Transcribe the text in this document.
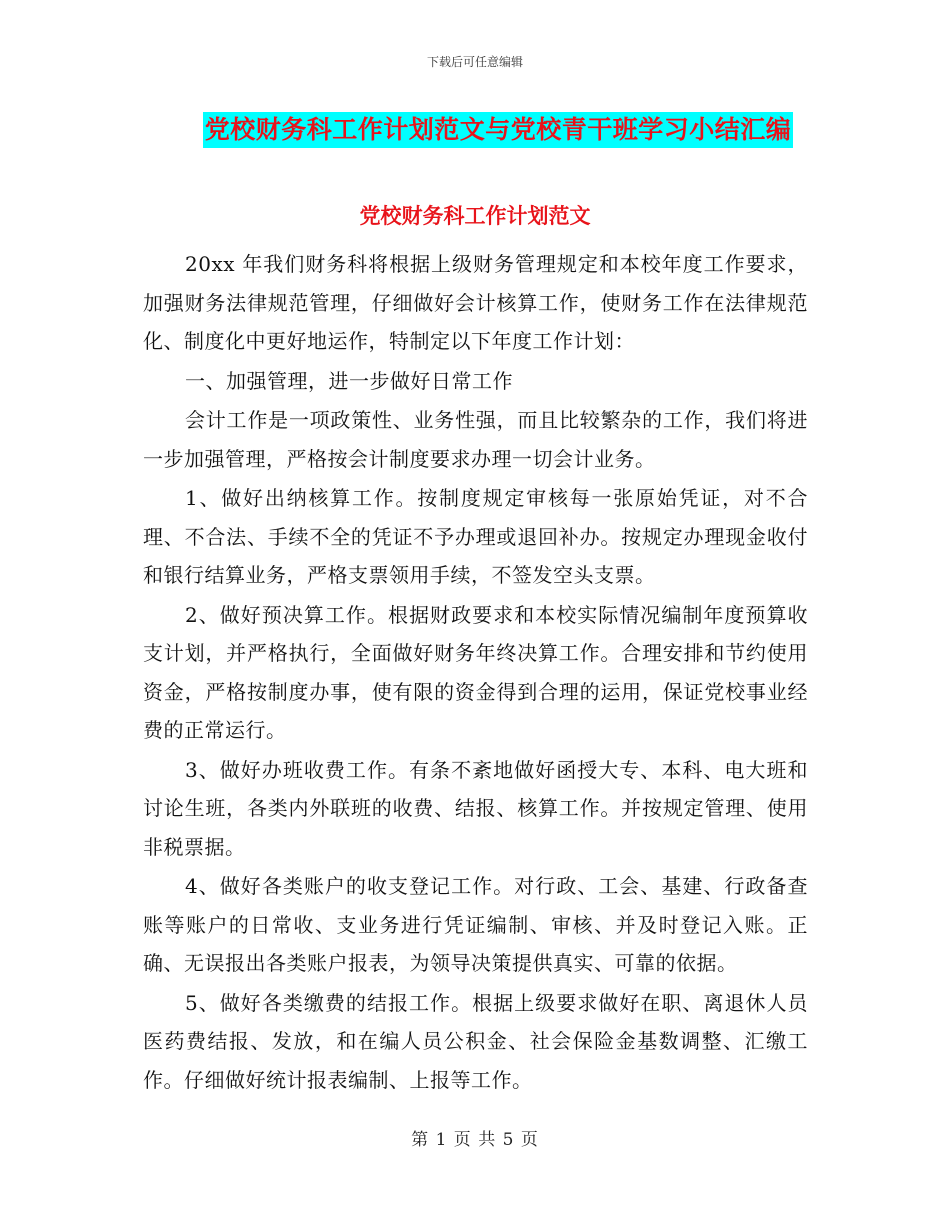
下载后可任意编辑
党校财务科工作计划范文与党校青干班学习小结汇编
党校财务科工作计划范文

20xx 年我们财务科将根据上级财务管理规定和本校年度工作要求，加强财务法律规范管理，仔细做好会计核算工作，使财务工作在法律规范化、制度化中更好地运作，特制定以下年度工作计划：

一、加强管理，进一步做好日常工作

会计工作是一项政策性、业务性强，而且比较繁杂的工作，我们将进一步加强管理，严格按会计制度要求办理一切会计业务。

1、做好出纳核算工作。按制度规定审核每一张原始凭证，对不合理、不合法、手续不全的凭证不予办理或退回补办。按规定办理现金收付和银行结算业务，严格支票领用手续，不签发空头支票。

2、做好预决算工作。根据财政要求和本校实际情况编制年度预算收支计划，并严格执行，全面做好财务年终决算工作。合理安排和节约使用资金，严格按制度办事，使有限的资金得到合理的运用，保证党校事业经费的正常运行。

3、做好办班收费工作。有条不紊地做好函授大专、本科、电大班和讨论生班，各类内外联班的收费、结报、核算工作。并按规定管理、使用非税票据。

4、做好各类账户的收支登记工作。对行政、工会、基建、行政备查账等账户的日常收、支业务进行凭证编制、审核、并及时登记入账。正确、无误报出各类账户报表，为领导决策提供真实、可靠的依据。

5、做好各类缴费的结报工作。根据上级要求做好在职、离退休人员医药费结报、发放，和在编人员公积金、社会保险金基数调整、汇缴工作。仔细做好统计报表编制、上报等工作。

第 1 页 共 5 页
